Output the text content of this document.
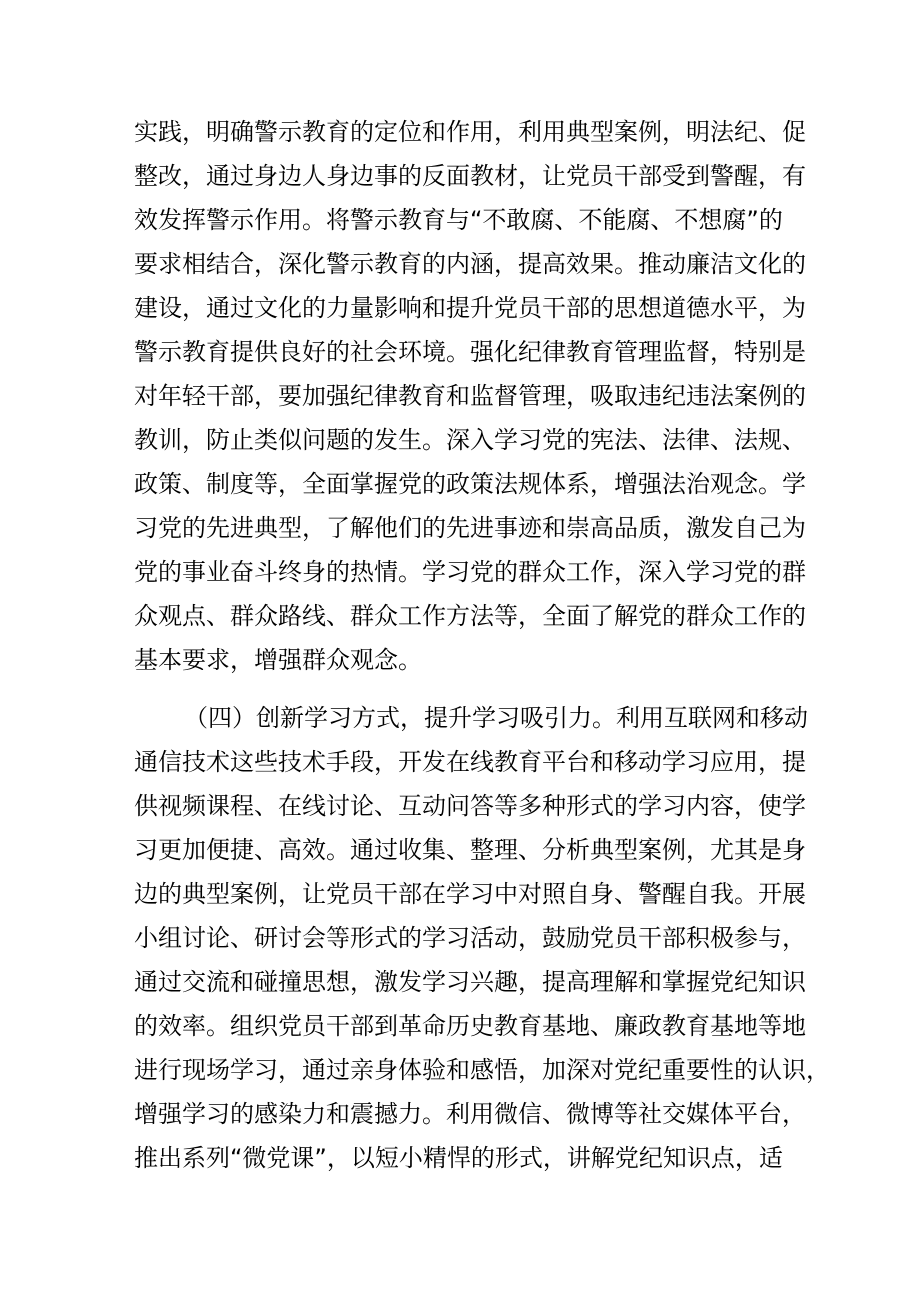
实践，明确警示教育的定位和作用，利用典型案例，明法纪、促
整改，通过身边人身边事的反面教材，让党员干部受到警醒，有
效发挥警示作用。将警示教育与“不敢腐、不能腐、不想腐”的
要求相结合，深化警示教育的内涵，提高效果。推动廉洁文化的
建设，通过文化的力量影响和提升党员干部的思想道德水平，为
警示教育提供良好的社会环境。强化纪律教育管理监督，特别是
对年轻干部，要加强纪律教育和监督管理，吸取违纪违法案例的
教训，防止类似问题的发生。深入学习党的宪法、法律、法规、
政策、制度等，全面掌握党的政策法规体系，增强法治观念。学
习党的先进典型，了解他们的先进事迹和崇高品质，激发自己为
党的事业奋斗终身的热情。学习党的群众工作，深入学习党的群
众观点、群众路线、群众工作方法等，全面了解党的群众工作的
基本要求，增强群众观念。
（四）创新学习方式，提升学习吸引力。利用互联网和移动
通信技术这些技术手段，开发在线教育平台和移动学习应用，提
供视频课程、在线讨论、互动问答等多种形式的学习内容，使学
习更加便捷、高效。通过收集、整理、分析典型案例，尤其是身
边的典型案例，让党员干部在学习中对照自身、警醒自我。开展
小组讨论、研讨会等形式的学习活动，鼓励党员干部积极参与，
通过交流和碰撞思想，激发学习兴趣，提高理解和掌握党纪知识
的效率。组织党员干部到革命历史教育基地、廉政教育基地等地
进行现场学习，通过亲身体验和感悟，加深对党纪重要性的认识，
增强学习的感染力和震撼力。利用微信、微博等社交媒体平台，
推出系列“微党课”，以短小精悍的形式，讲解党纪知识点，适
